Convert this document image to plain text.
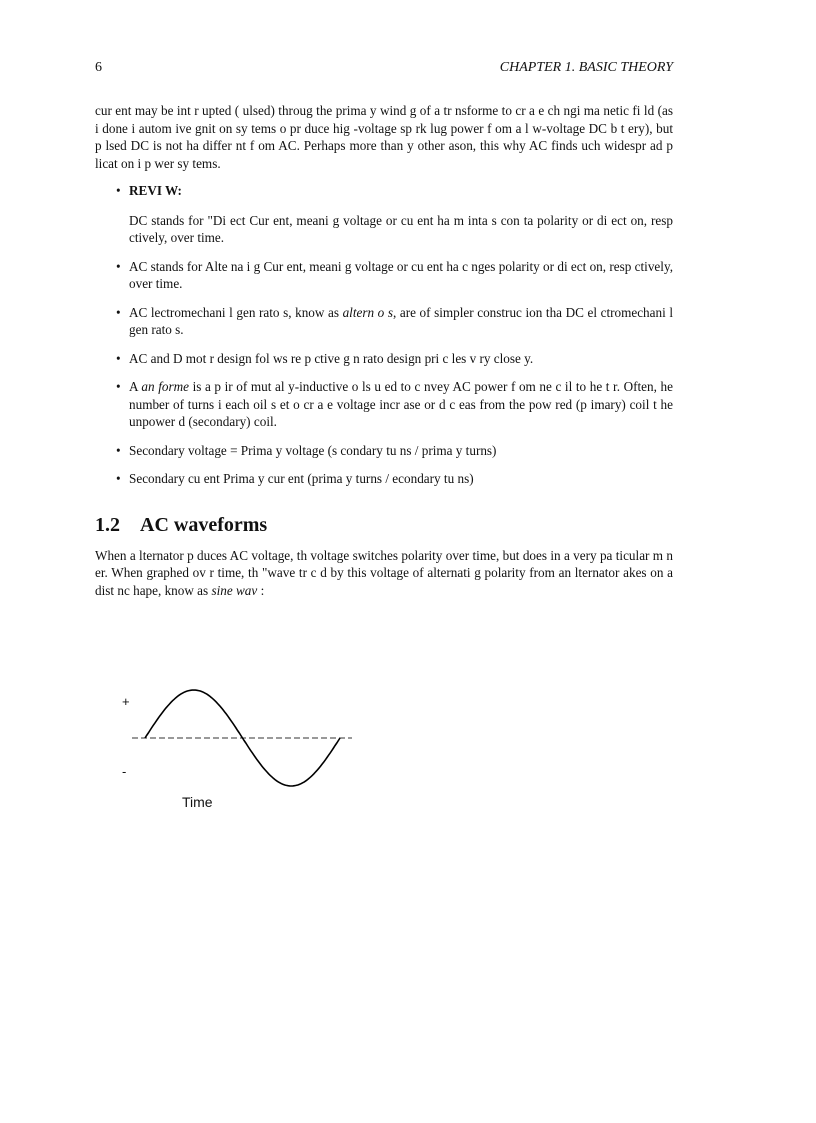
6	CHAPTER 1. BASIC THEORY

cur ent may be int r upted ( ulsed) throug the prima y wind g of a tr nsforme to cr a e ch ngi ma netic fi ld (as i done i autom ive gnit on sy tems o pr duce hig -voltage sp rk lug power f om a l w-voltage DC b t ery), but p lsed DC is not ha differ nt f om AC. Perhaps more than y other ason, this why AC finds uch widespr ad p licat on i p wer sy tems.

• REVI W:
DC stands for "Di ect Cur ent, meani g voltage or cu ent ha m inta s con ta polarity or di ect on, resp ctively, over time.
• AC stands for Alte na i g Cur ent, meani g voltage or cu ent ha c nges polarity or di ect on, resp ctively, over time.
• AC lectromechani l gen rato s, know as altern o s, are of simpler construc ion tha DC el ctromechani l gen rato s.
• AC and D mot r design fol ws re p ctive g n rato design pri c les v ry close y.
• A an forme is a p ir of mut al y-inductive o ls u ed to c nvey AC power f om ne c il to he t r. Often, he number of turns i each oil s et o cr a e voltage incr ase or d c eas from the pow red (p imary) coil t he unpower d (secondary) coil.
• Secondary voltage = Prima y voltage (s condary tu ns / prima y turns)
• Secondary cu ent Prima y cur ent (prima y turns / econdary tu ns)
1.2 AC waveforms

When a lternator p duces AC voltage, th voltage switches polarity over time, but does in a very pa ticular m n er. When graphed ov r time, th "wave tr c d by this voltage of alternati g polarity from an lternator akes on a dist nc hape, know as sine wav :

+
-
Time
